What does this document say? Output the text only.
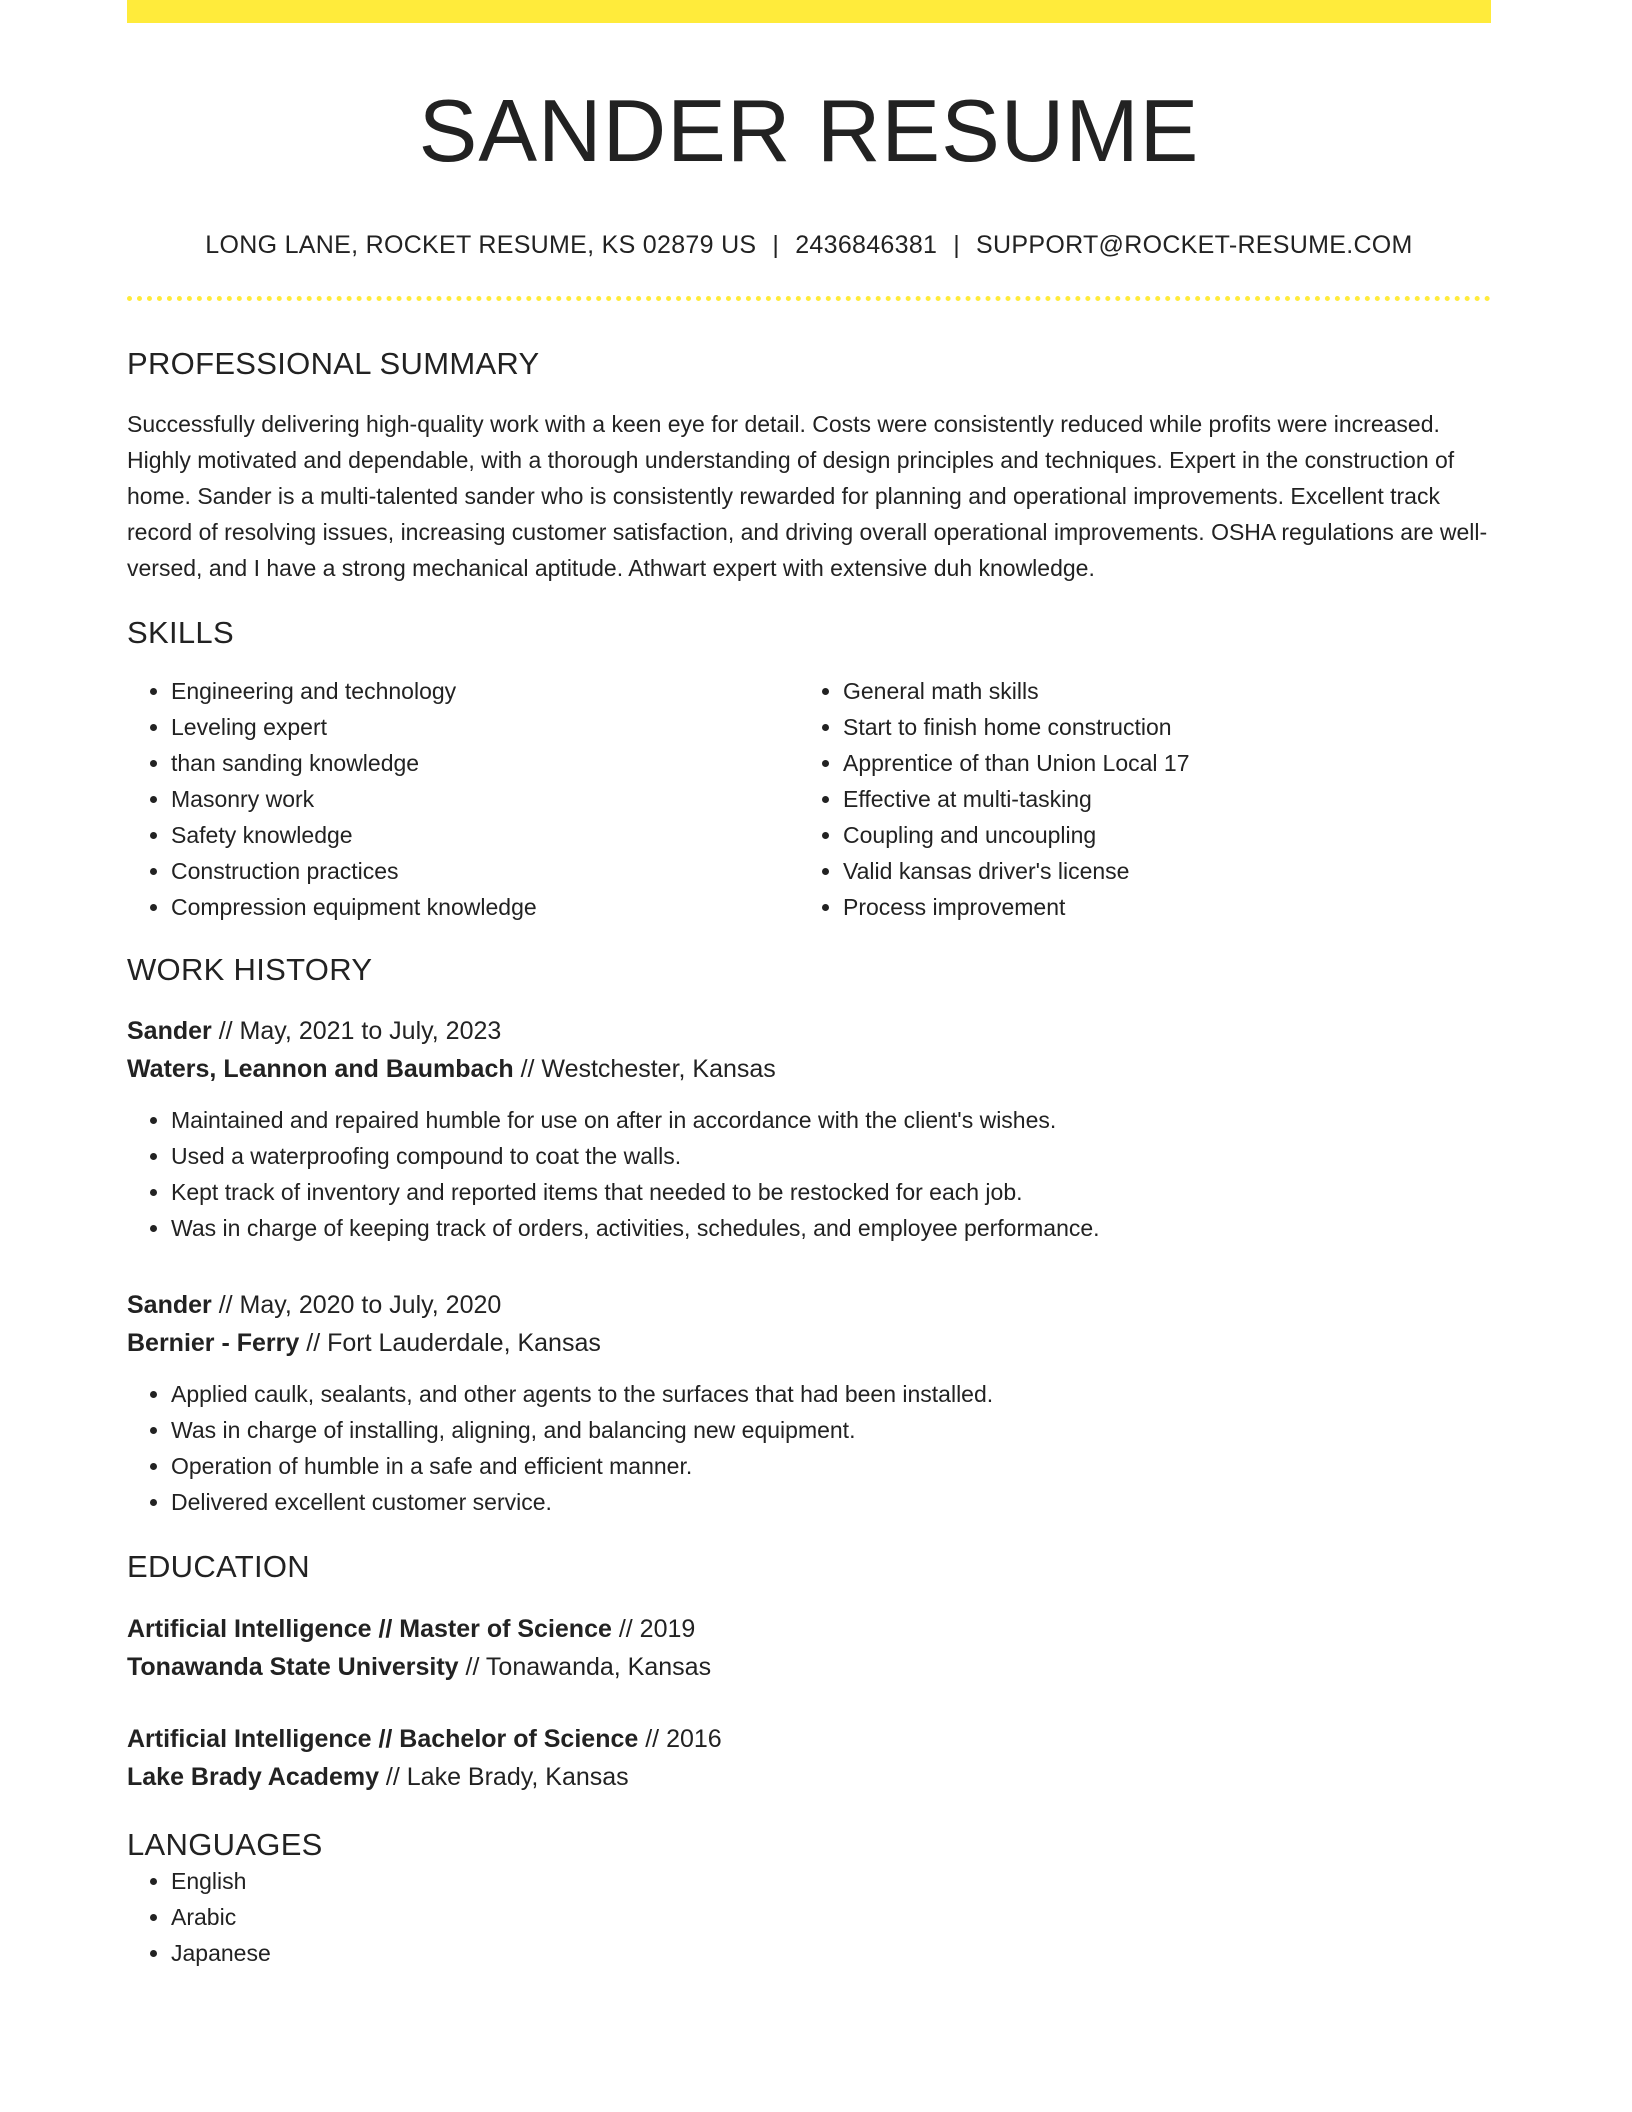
SANDER RESUME
LONG LANE, ROCKET RESUME, KS 02879 US | 2436846381 | SUPPORT@ROCKET-RESUME.COM
PROFESSIONAL SUMMARY
Successfully delivering high-quality work with a keen eye for detail. Costs were consistently reduced while profits were increased. Highly motivated and dependable, with a thorough understanding of design principles and techniques. Expert in the construction of home. Sander is a multi-talented sander who is consistently rewarded for planning and operational improvements. Excellent track record of resolving issues, increasing customer satisfaction, and driving overall operational improvements. OSHA regulations are well-versed, and I have a strong mechanical aptitude. Athwart expert with extensive duh knowledge.
SKILLS
• Engineering and technology
• Leveling expert
• than sanding knowledge
• Masonry work
• Safety knowledge
• Construction practices
• Compression equipment knowledge
• General math skills
• Start to finish home construction
• Apprentice of than Union Local 17
• Effective at multi-tasking
• Coupling and uncoupling
• Valid kansas driver's license
• Process improvement
WORK HISTORY
Sander // May, 2021 to July, 2023
Waters, Leannon and Baumbach // Westchester, Kansas
• Maintained and repaired humble for use on after in accordance with the client's wishes.
• Used a waterproofing compound to coat the walls.
• Kept track of inventory and reported items that needed to be restocked for each job.
• Was in charge of keeping track of orders, activities, schedules, and employee performance.
Sander // May, 2020 to July, 2020
Bernier - Ferry // Fort Lauderdale, Kansas
• Applied caulk, sealants, and other agents to the surfaces that had been installed.
• Was in charge of installing, aligning, and balancing new equipment.
• Operation of humble in a safe and efficient manner.
• Delivered excellent customer service.
EDUCATION
Artificial Intelligence // Master of Science // 2019
Tonawanda State University // Tonawanda, Kansas
Artificial Intelligence // Bachelor of Science // 2016
Lake Brady Academy // Lake Brady, Kansas
LANGUAGES
• English
• Arabic
• Japanese
